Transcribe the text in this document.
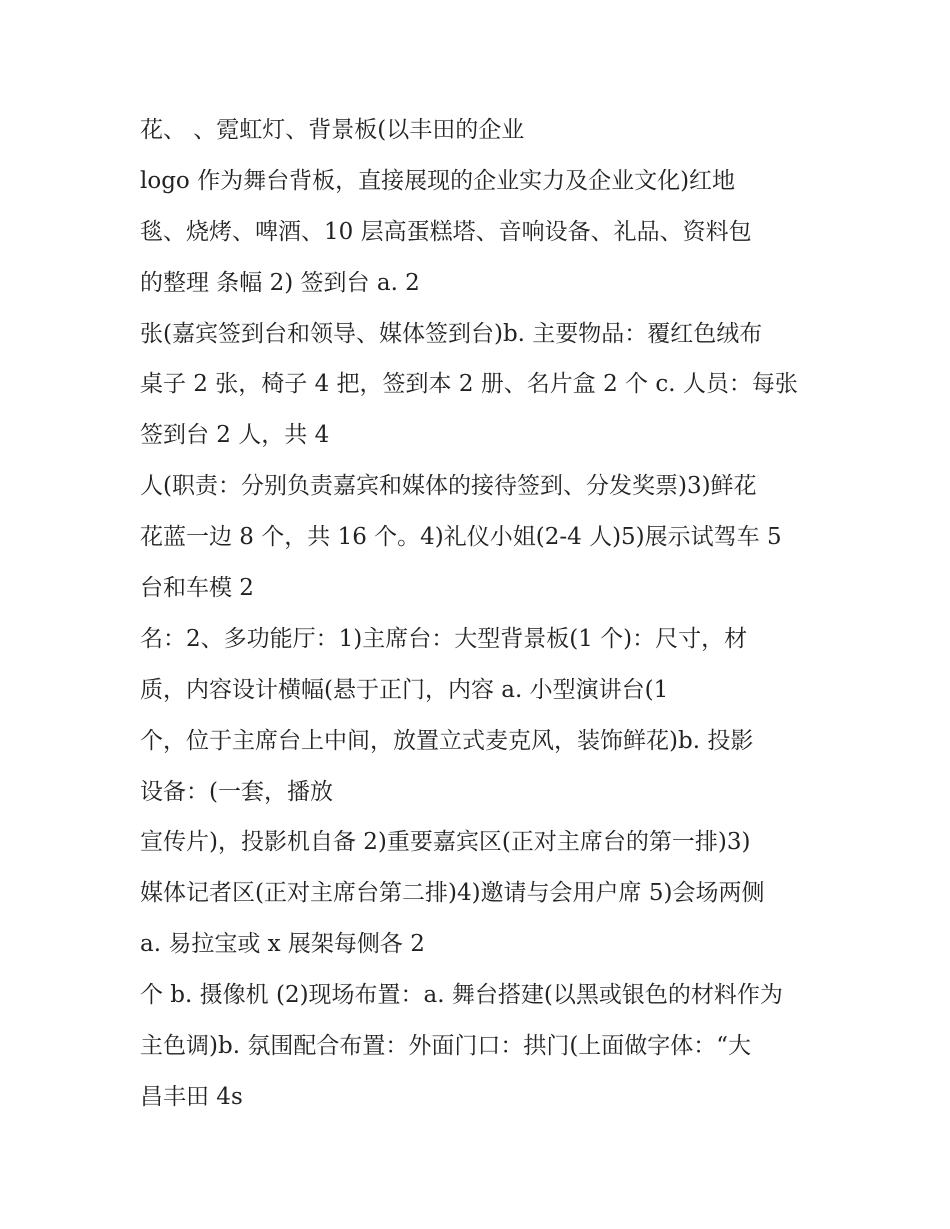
花、 、霓虹灯、背景板(以丰田的企业
logo 作为舞台背板，直接展现的企业实力及企业文化)红地
毯、烧烤、啤酒、10 层高蛋糕塔、音响设备、礼品、资料包
的整理 条幅 2) 签到台 a. 2
张(嘉宾签到台和领导、媒体签到台)b. 主要物品：覆红色绒布
桌子 2 张，椅子 4 把，签到本 2 册、名片盒 2 个 c. 人员：每张
签到台 2 人，共 4
人(职责：分别负责嘉宾和媒体的接待签到、分发奖票)3)鲜花
花蓝一边 8 个，共 16 个。4)礼仪小姐(2-4 人)5)展示试驾车 5
台和车模 2
名：2、多功能厅：1)主席台：大型背景板(1 个)：尺寸，材
质，内容设计横幅(悬于正门，内容 a. 小型演讲台(1
个，位于主席台上中间，放置立式麦克风，装饰鲜花)b. 投影
设备：(一套，播放
宣传片)，投影机自备 2)重要嘉宾区(正对主席台的第一排)3)
媒体记者区(正对主席台第二排)4)邀请与会用户席 5)会场两侧
a. 易拉宝或 x 展架每侧各 2
个 b. 摄像机 (2)现场布置：a. 舞台搭建(以黑或银色的材料作为
主色调)b. 氛围配合布置：外面门口：拱门(上面做字体：“大
昌丰田 4s
